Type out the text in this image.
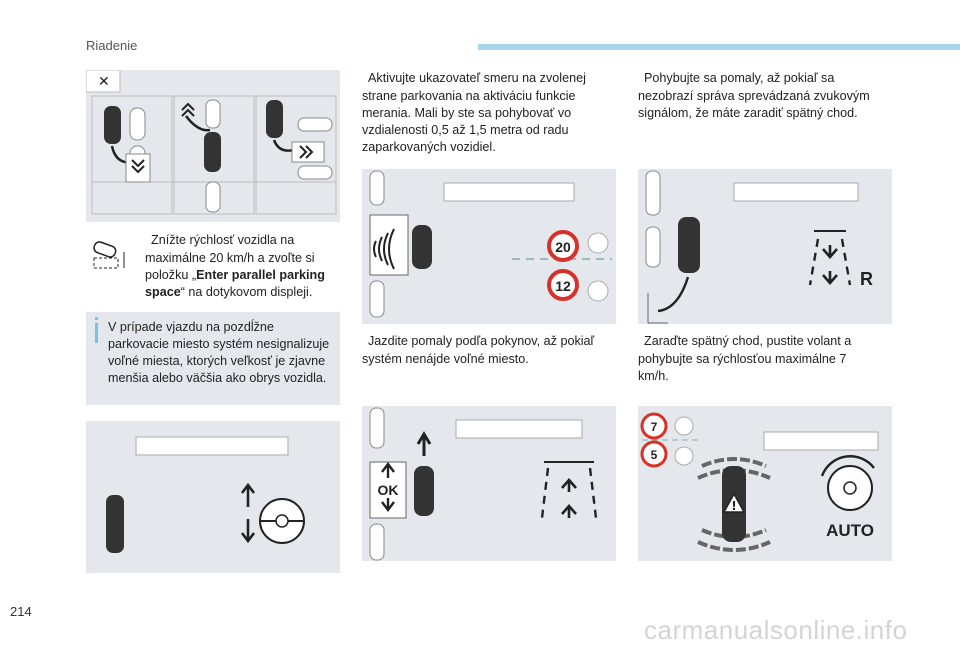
Riadenie
✕
Znížte rýchlosť vozidla na maximálne 20 km/h a zvoľte si položku „Enter parallel parking space“ na dotykovom displeji.
V prípade vjazdu na pozdĺžne parkovacie miesto systém nesignalizuje voľné miesta, ktorých veľkosť je zjavne menšia alebo väčšia ako obrys vozidla.
Aktivujte ukazovateľ smeru na zvolenej strane parkovania na aktiváciu funkcie merania. Mali by ste sa pohybovať vo vzdialenosti 0,5 až 1,5 metra od radu zaparkovaných vozidiel.
20
12
Jazdite pomaly podľa pokynov, až pokiaľ systém nenájde voľné miesto.
OK
Pohybujte sa pomaly, až pokiaľ sa nezobrazí správa sprevádzaná zvukovým signálom, že máte zaradiť spätný chod.
R
Zaraďte spätný chod, pustite volant a pohybujte sa rýchlosťou maximálne 7 km/h.
7
5
!
AUTO
214
carmanualsonline.info
